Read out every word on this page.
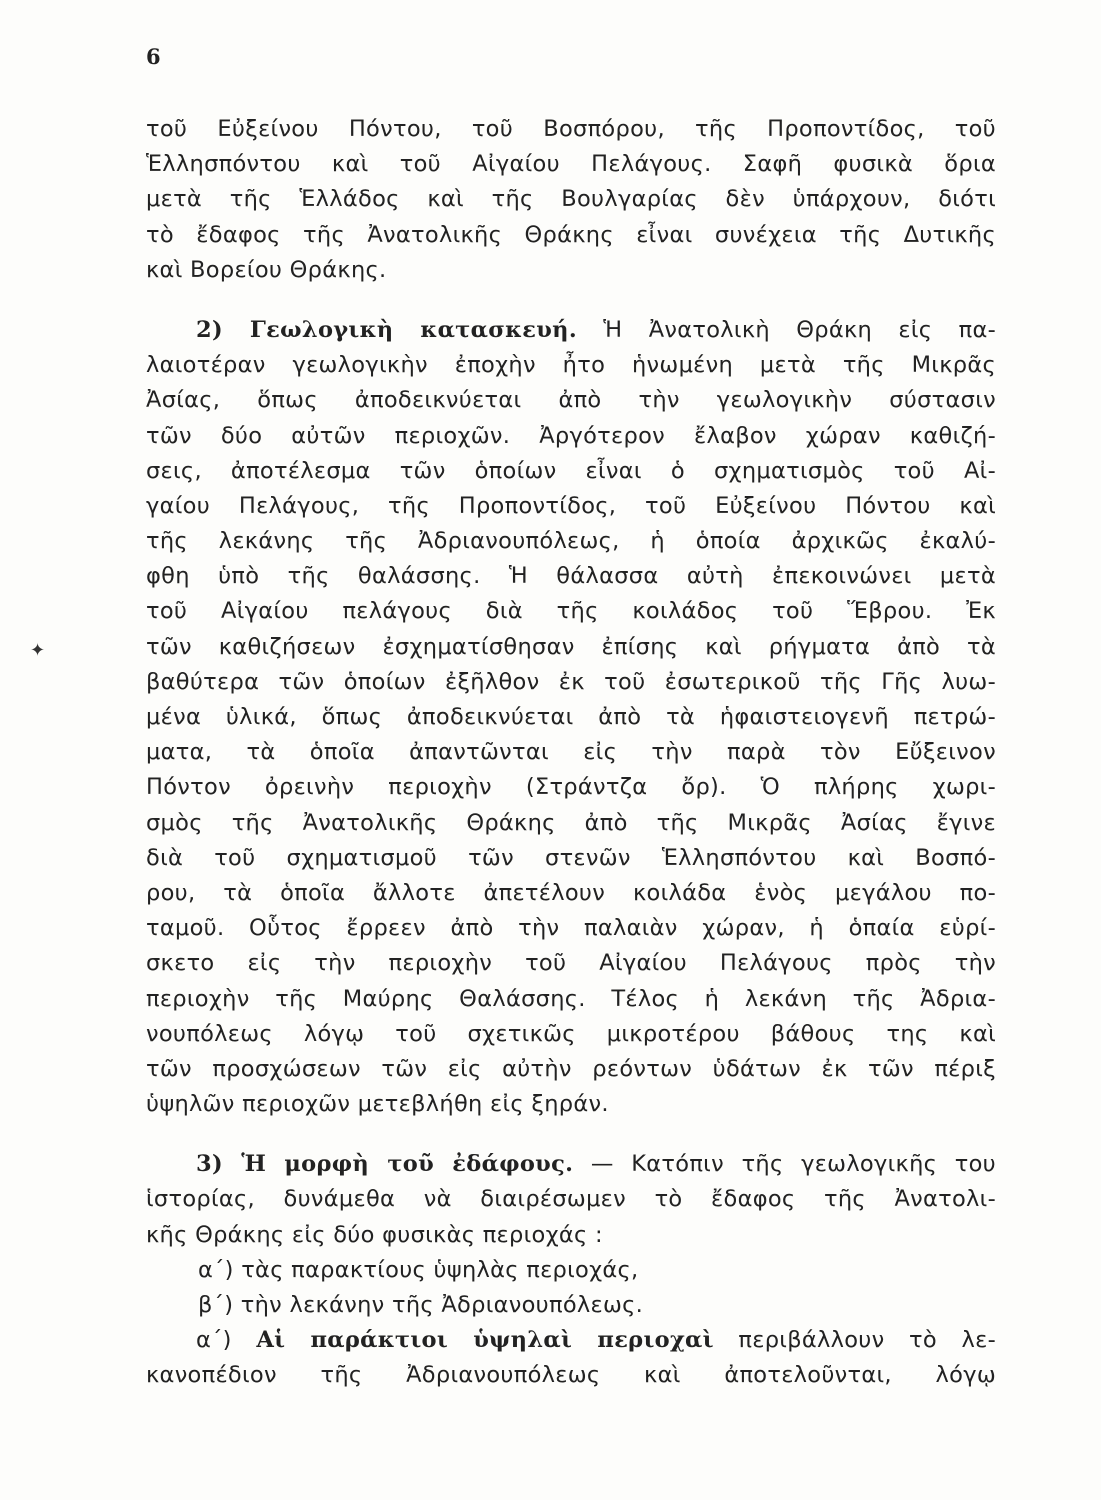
6
✦
τοῦ Εὐξείνου Πόντου, τοῦ Βοσπόρου, τῆς Προποντίδος, τοῦ
Ἑλλησπόντου καὶ τοῦ Αἰγαίου Πελάγους. Σαφῆ φυσικὰ ὅρια
μετὰ τῆς Ἑλλάδος καὶ τῆς Βουλγαρίας δὲν ὑπάρχουν, διότι
τὸ ἔδαφος τῆς Ἀνατολικῆς Θράκης εἶναι συνέχεια τῆς Δυτικῆς
καὶ Βορείου Θράκης.
2) Γεωλογικὴ κατασκευή. Ἡ Ἀνατολικὴ Θράκη εἰς πα-
λαιοτέραν γεωλογικὴν ἐποχὴν ἦτο ἡνωμένη μετὰ τῆς Μικρᾶς
Ἀσίας, ὅπως ἀποδεικνύεται ἀπὸ τὴν γεωλογικὴν σύστασιν
τῶν δύο αὐτῶν περιοχῶν. Ἀργότερον ἔλαβον χώραν καθιζή-
σεις, ἀποτέλεσμα τῶν ὁποίων εἶναι ὁ σχηματισμὸς τοῦ Αἰ-
γαίου Πελάγους, τῆς Προποντίδος, τοῦ Εὐξείνου Πόντου καὶ
τῆς λεκάνης τῆς Ἀδριανουπόλεως, ἡ ὁποία ἀρχικῶς ἐκαλύ-
φθη ὑπὸ τῆς θαλάσσης. Ἡ θάλασσα αὐτὴ ἐπεκοινώνει μετὰ
τοῦ Αἰγαίου πελάγους διὰ τῆς κοιλάδος τοῦ Ἕβρου. Ἐκ
τῶν καθιζήσεων ἐσχηματίσθησαν ἐπίσης καὶ ρήγματα ἀπὸ τὰ
βαθύτερα τῶν ὁποίων ἐξῆλθον ἐκ τοῦ ἐσωτερικοῦ τῆς Γῆς λυω-
μένα ὑλικά, ὅπως ἀποδεικνύεται ἀπὸ τὰ ἡφαιστειογενῆ πετρώ-
ματα, τὰ ὁποῖα ἀπαντῶνται εἰς τὴν παρὰ τὸν Εὔξεινον
Πόντον ὀρεινὴν περιοχὴν (Στράντζα ὄρ). Ὁ πλήρης χωρι-
σμὸς τῆς Ἀνατολικῆς Θράκης ἀπὸ τῆς Μικρᾶς Ἀσίας ἔγινε
διὰ τοῦ σχηματισμοῦ τῶν στενῶν Ἑλλησπόντου καὶ Βοσπό-
ρου, τὰ ὁποῖα ἄλλοτε ἀπετέλουν κοιλάδα ἑνὸς μεγάλου πο-
ταμοῦ. Οὗτος ἔρρεεν ἀπὸ τὴν παλαιὰν χώραν, ἡ ὁπαία εὑρί-
σκετο εἰς τὴν περιοχὴν τοῦ Αἰγαίου Πελάγους πρὸς τὴν
περιοχὴν τῆς Μαύρης Θαλάσσης. Τέλος ἡ λεκάνη τῆς Ἀδρια-
νουπόλεως λόγῳ τοῦ σχετικῶς μικροτέρου βάθους της καὶ
τῶν προσχώσεων τῶν εἰς αὐτὴν ρεόντων ὑδάτων ἐκ τῶν πέριξ
ὑψηλῶν περιοχῶν μετεβλήθη εἰς ξηράν.
3) Ἡ μορφὴ τοῦ ἐδάφους. — Κατόπιν τῆς γεωλογικῆς του
ἱστορίας, δυνάμεθα νὰ διαιρέσωμεν τὸ ἔδαφος τῆς Ἀνατολι-
κῆς Θράκης εἰς δύο φυσικὰς περιοχάς :
α΄) τὰς παρακτίους ὑψηλὰς περιοχάς,
β΄) τὴν λεκάνην τῆς Ἀδριανουπόλεως.
α΄) Αἱ παράκτιοι ὑψηλαὶ περιοχαὶ περιβάλλουν τὸ λε-
κανοπέδιον τῆς Ἀδριανουπόλεως καὶ ἀποτελοῦνται, λόγῳ
